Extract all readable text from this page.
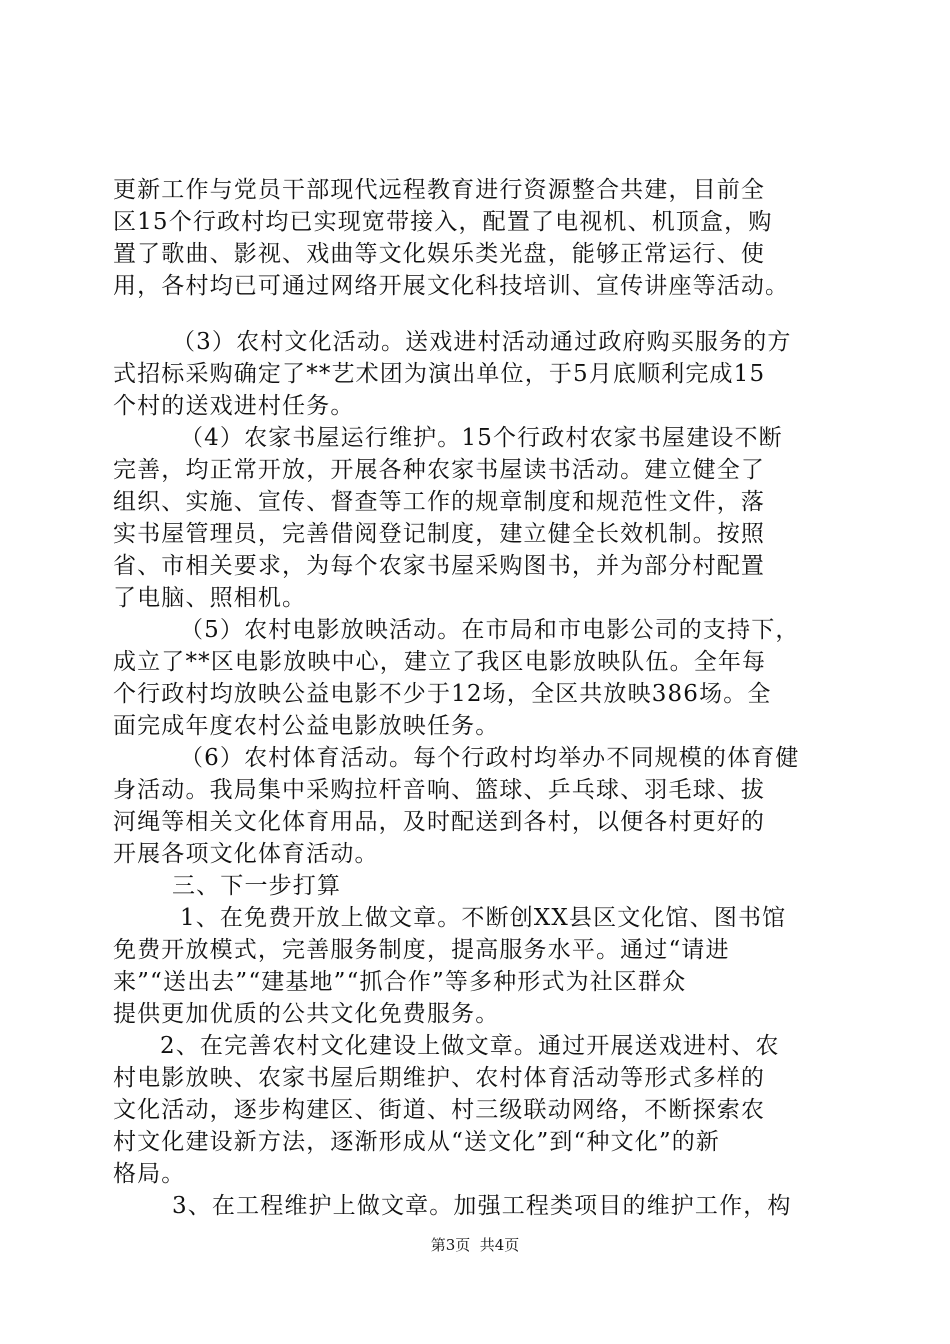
更新工作与党员干部现代远程教育进行资源整合共建，目前全
区15个行政村均已实现宽带接入，配置了电视机、机顶盒，购
置了歌曲、影视、戏曲等文化娱乐类光盘，能够正常运行、使
用，各村均已可通过网络开展文化科技培训、宣传讲座等活动。
（3）农村文化活动。送戏进村活动通过政府购买服务的方
式招标采购确定了**艺术团为演出单位，于5月底顺利完成15
个村的送戏进村任务。
（4）农家书屋运行维护。15个行政村农家书屋建设不断
完善，均正常开放，开展各种农家书屋读书活动。建立健全了
组织、实施、宣传、督查等工作的规章制度和规范性文件，落
实书屋管理员，完善借阅登记制度，建立健全长效机制。按照
省、市相关要求，为每个农家书屋采购图书，并为部分村配置
了电脑、照相机。
（5）农村电影放映活动。在市局和市电影公司的支持下，
成立了**区电影放映中心，建立了我区电影放映队伍。全年每
个行政村均放映公益电影不少于12场，全区共放映386场。全
面完成年度农村公益电影放映任务。
（6）农村体育活动。每个行政村均举办不同规模的体育健
身活动。我局集中采购拉杆音响、篮球、乒乓球、羽毛球、拔
河绳等相关文化体育用品，及时配送到各村，以便各村更好的
开展各项文化体育活动。
三、下一步打算
1、在免费开放上做文章。不断创XX县区文化馆、图书馆
免费开放模式，完善服务制度，提高服务水平。通过“请进
来”“送出去”“建基地”“抓合作”等多种形式为社区群众
提供更加优质的公共文化免费服务。
2、在完善农村文化建设上做文章。通过开展送戏进村、农
村电影放映、农家书屋后期维护、农村体育活动等形式多样的
文化活动，逐步构建区、街道、村三级联动网络，不断探索农
村文化建设新方法，逐渐形成从“送文化”到“种文化”的新
格局。
3、在工程维护上做文章。加强工程类项目的维护工作，构
第3页  共4页
